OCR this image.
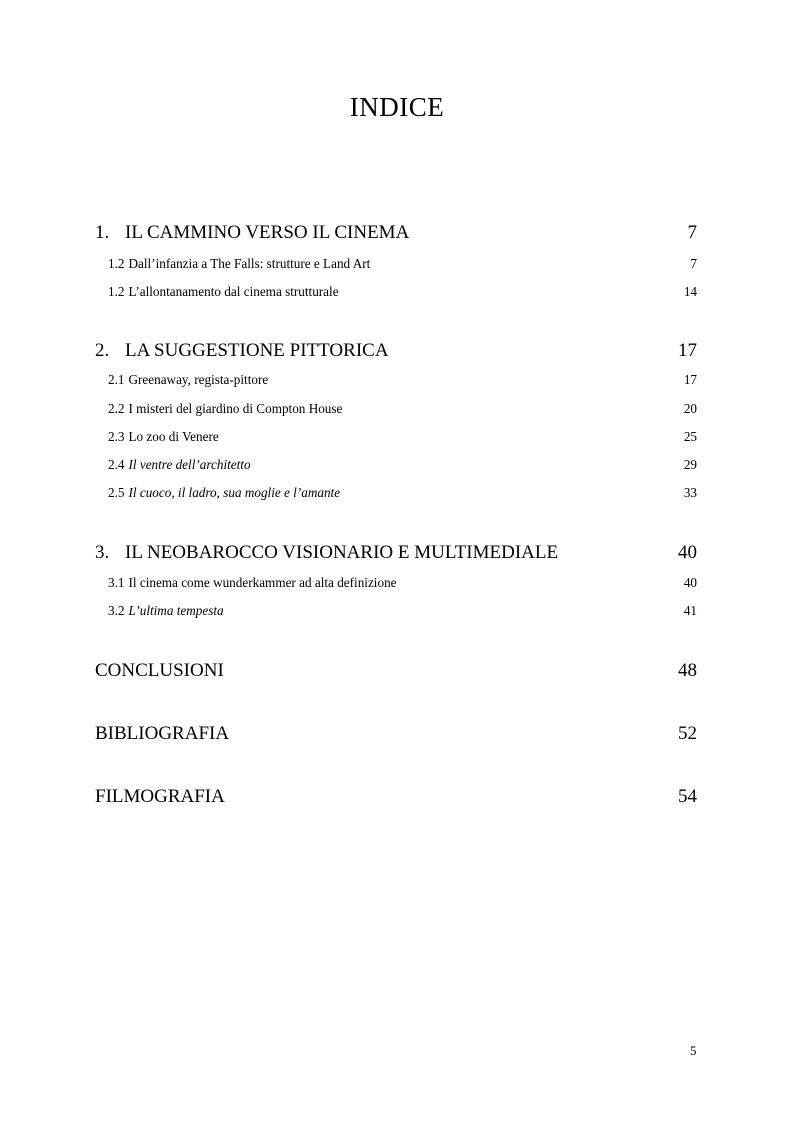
INDICE
1. IL CAMMINO VERSO IL CINEMA	7
1.2 Dall’infanzia a The Falls: strutture e Land Art	7
1.2 L’allontanamento dal cinema strutturale	14
2. LA SUGGESTIONE PITTORICA	17
2.1 Greenaway, regista-pittore	17
2.2 I misteri del giardino di Compton House	20
2.3 Lo zoo di Venere	25
2.4 Il ventre dell’architetto	29
2.5 Il cuoco, il ladro, sua moglie e l’amante	33
3. IL NEOBAROCCO VISIONARIO E MULTIMEDIALE	40
3.1 Il cinema come wunderkammer ad alta definizione	40
3.2 L’ultima tempesta	41
CONCLUSIONI	48
BIBLIOGRAFIA	52
FILMOGRAFIA	54
5
